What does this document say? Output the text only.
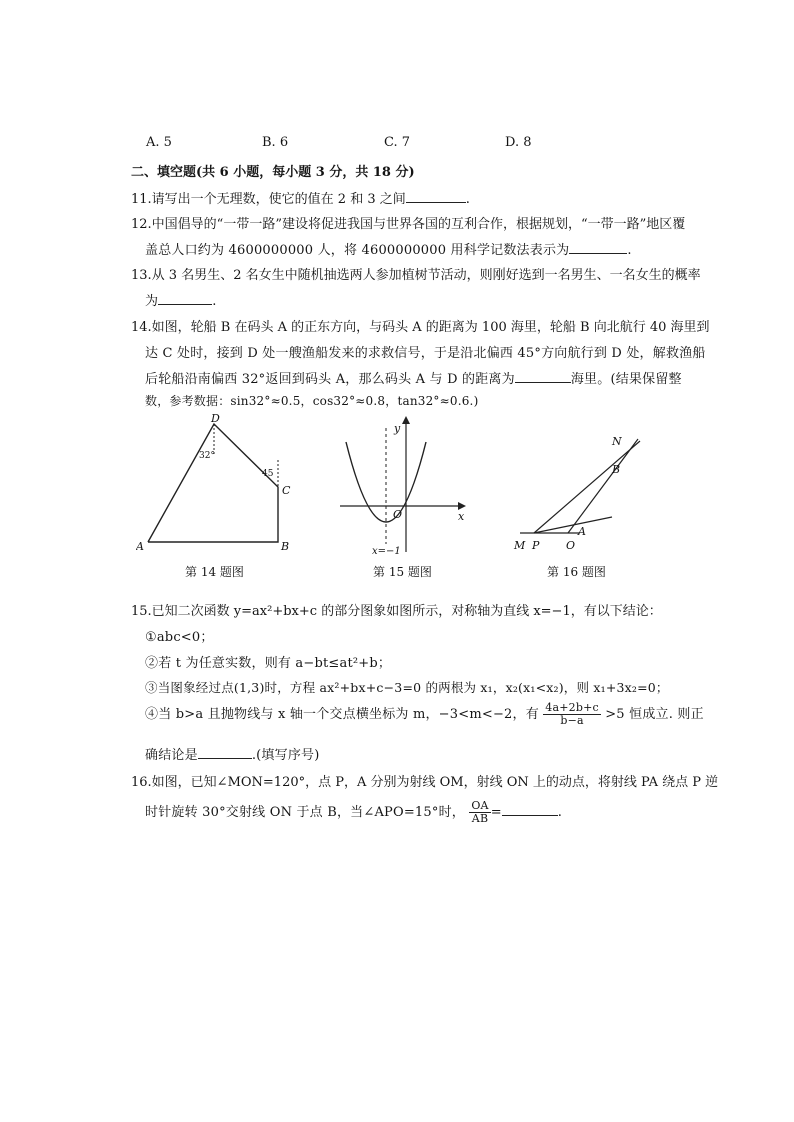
A. 5	B. 6	C. 7	D. 8
二、填空题(共 6 小题，每小题 3 分，共 18 分)
11.请写出一个无理数，使它的值在 2 和 3 之间	.
12.中国倡导的“一带一路”建设将促进我国与世界各国的互利合作，根据规划，“一带一路”地区覆
盖总人口约为 4600000000 人，将 4600000000 用科学记数法表示为	.
13.从 3 名男生、2 名女生中随机抽选两人参加植树节活动，则刚好选到一名男生、一名女生的概率
为	.
14.如图，轮船 B 在码头 A 的正东方向，与码头 A 的距离为 100 海里，轮船 B 向北航行 40 海里到
达 C 处时，接到 D 处一艘渔船发来的求救信号，于是沿北偏西 45°方向航行到 D 处，解救渔船
后轮船沿南偏西 32°返回到码头 A，那么码头 A 与 D 的距离为	海里。(结果保留整
数，参考数据：sin32°≈0.5，cos32°≈0.8，tan32°≈0.6.)
D
C
A	B
32°
45
第 14 题图
y
x
O
x=−1
第 15 题图
N
B
A
M P O
第 16 题图
15.已知二次函数 y=ax²+bx+c 的部分图象如图所示，对称轴为直线 x=−1，有以下结论：
①abc<0；
②若 t 为任意实数，则有 a−bt≤at²+b；
③当图象经过点(1,3)时，方程 ax²+bx+c−3=0 的两根为 x₁，x₂(x₁<x₂)，则 x₁+3x₂=0；
④当 b>a 且抛物线与 x 轴一个交点横坐标为 m，−3<m<−2，有 $\frac{4a+2b+c}{b-a} >5$ 恒成立. 则正
确结论是	.(填写序号)
16.如图，已知∠MON=120°，点 P，A 分别为射线 OM，射线 ON 上的动点，将射线 PA 绕点 P 逆
时针旋转 30°交射线 ON 于点 B，当∠APO=15°时， $\frac{OA}{AB}$ =	.
